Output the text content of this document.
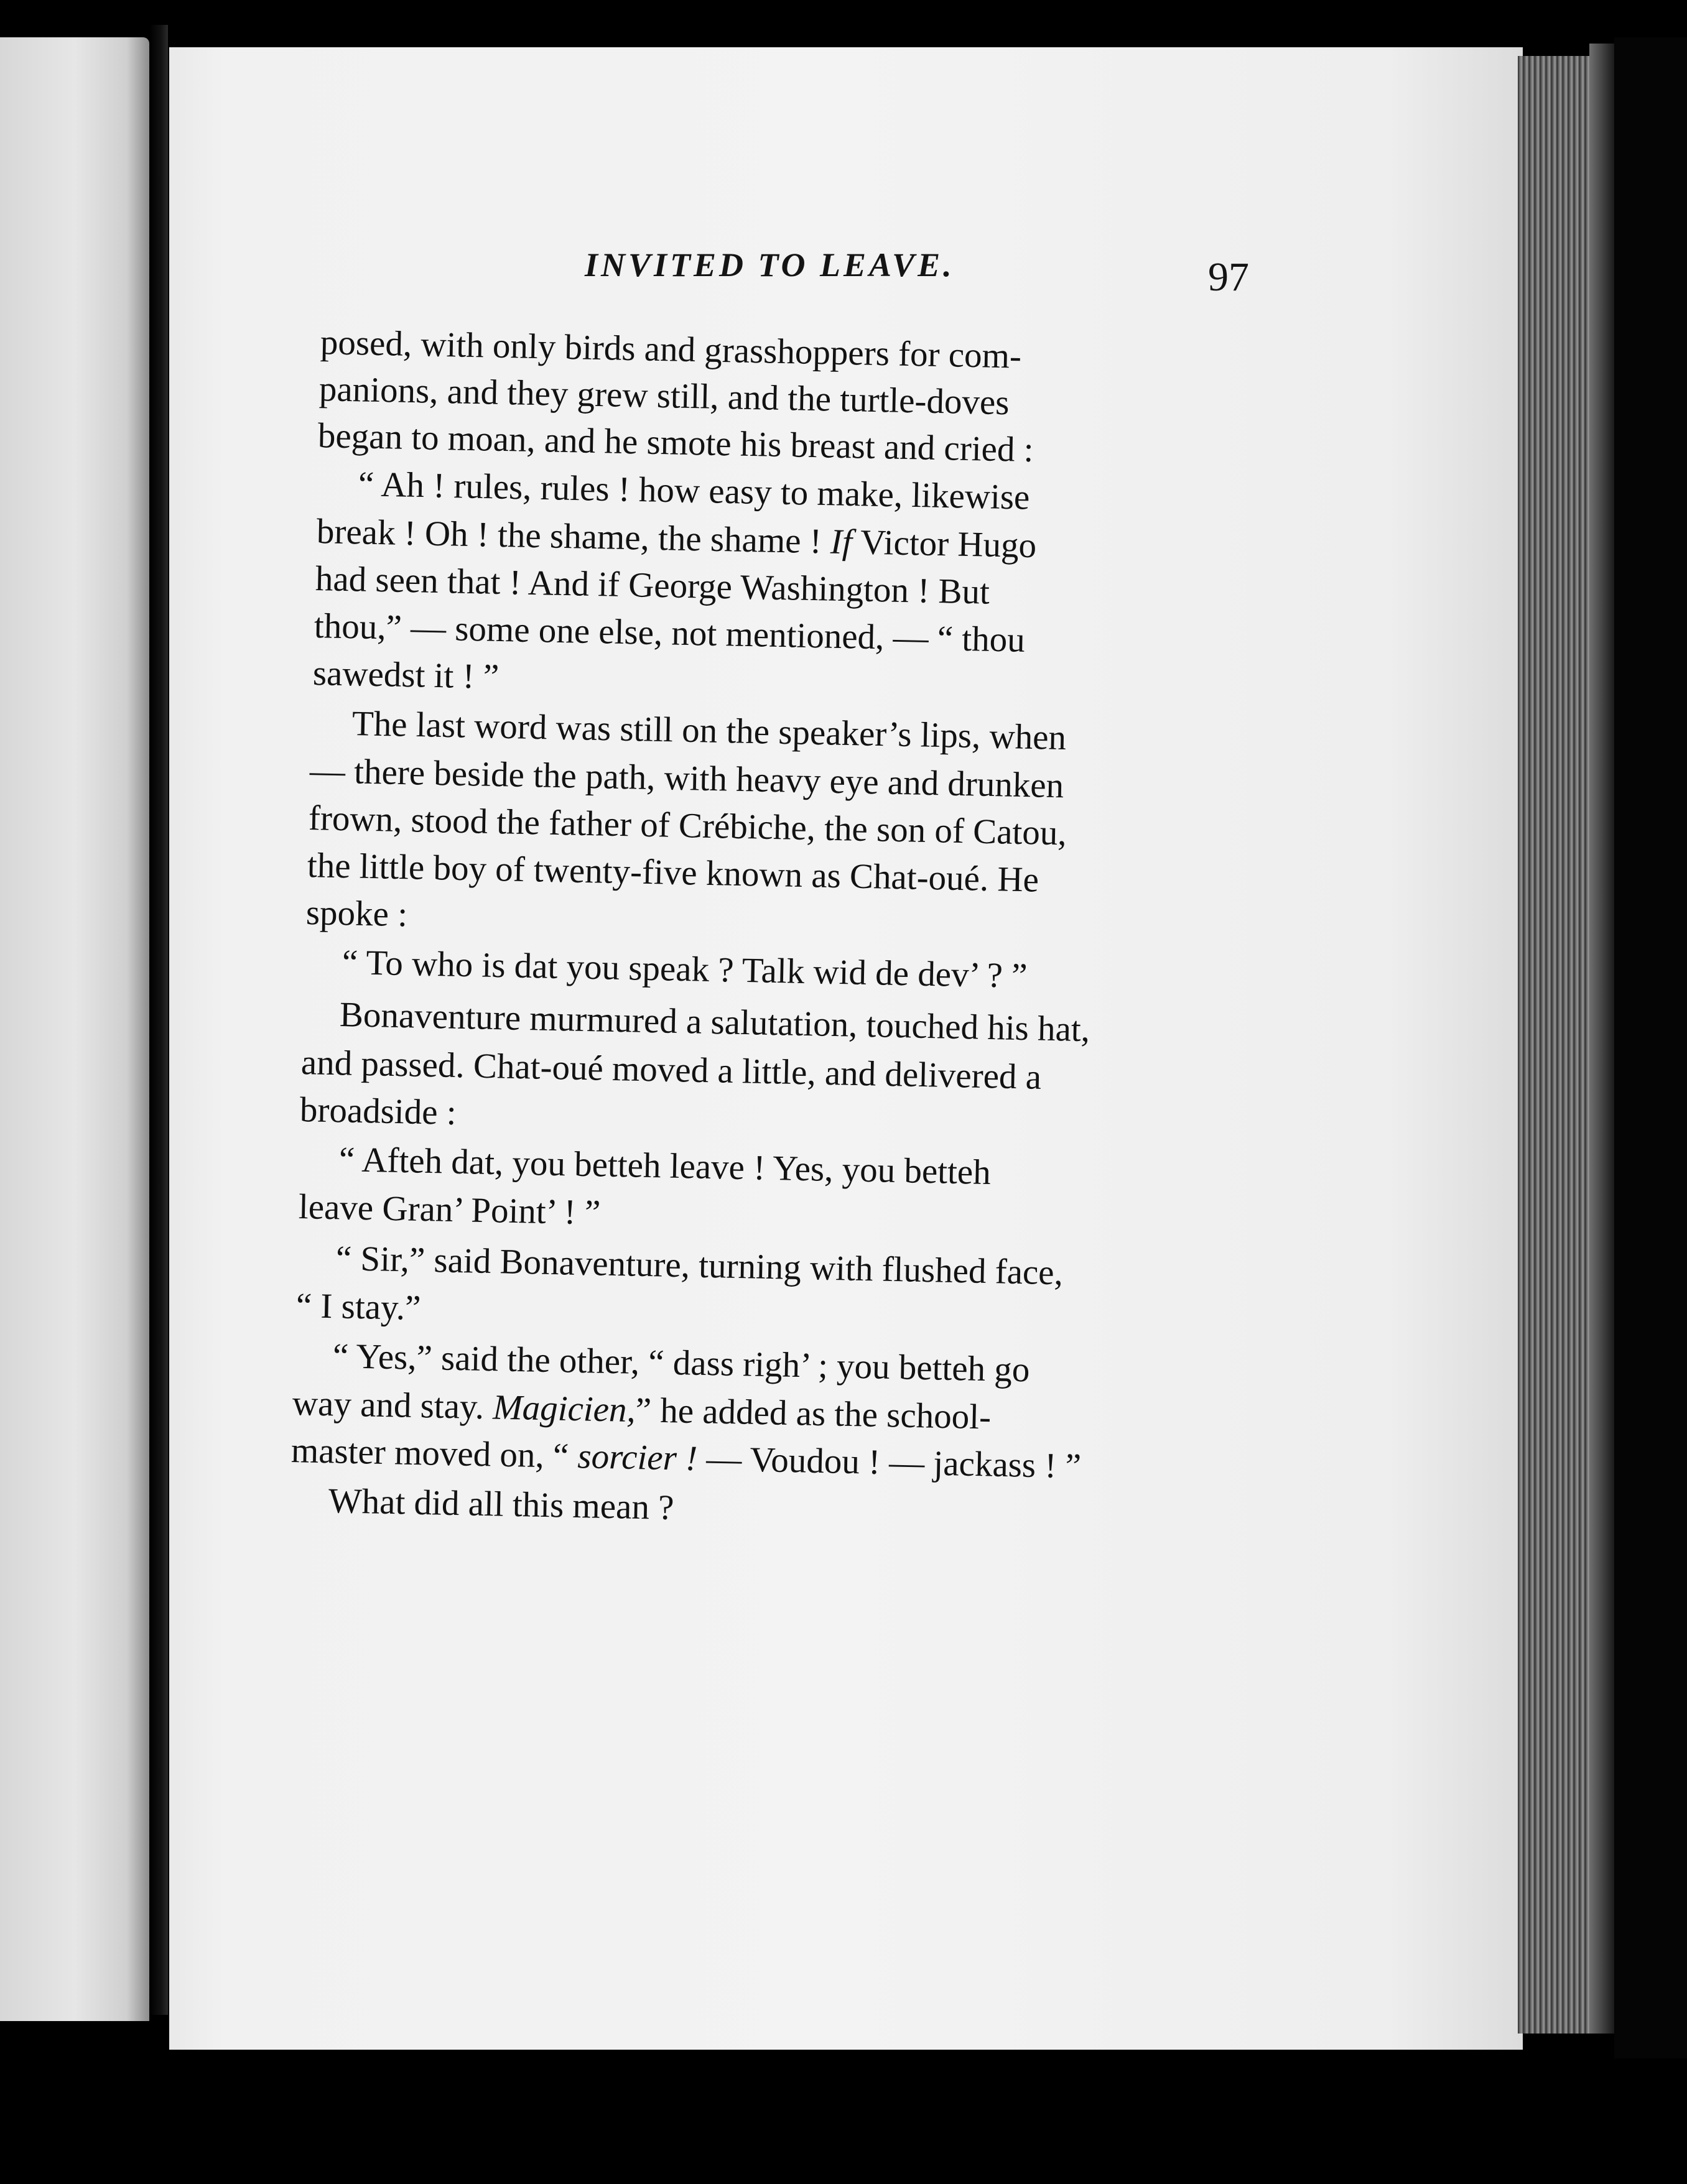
INVITED TO LEAVE.	97
posed, with only birds and grasshoppers for com-
panions, and they grew still, and the turtle-doves
began to moan, and he smote his breast and cried :
“ Ah ! rules, rules ! how easy to make, likewise
break ! Oh ! the shame, the shame ! If Victor Hugo
had seen that ! And if George Washington ! But
thou,” — some one else, not mentioned, — “ thou
sawedst it ! ”
The last word was still on the speaker’s lips, when
— there beside the path, with heavy eye and drunken
frown, stood the father of Crébiche, the son of Catou,
the little boy of twenty-five known as Chat-oué. He
spoke :
“ To who is dat you speak ? Talk wid de dev’ ? ”
Bonaventure murmured a salutation, touched his hat,
and passed. Chat-oué moved a little, and delivered a
broadside :
“ Afteh dat, you betteh leave ! Yes, you betteh
leave Gran’ Point’ ! ”
“ Sir,” said Bonaventure, turning with flushed face,
“ I stay.”
“ Yes,” said the other, “ dass righ’ ; you betteh go
way and stay. Magicien,” he added as the school-
master moved on, “ sorcier ! — Voudou ! — jackass ! ”
What did all this mean ?
